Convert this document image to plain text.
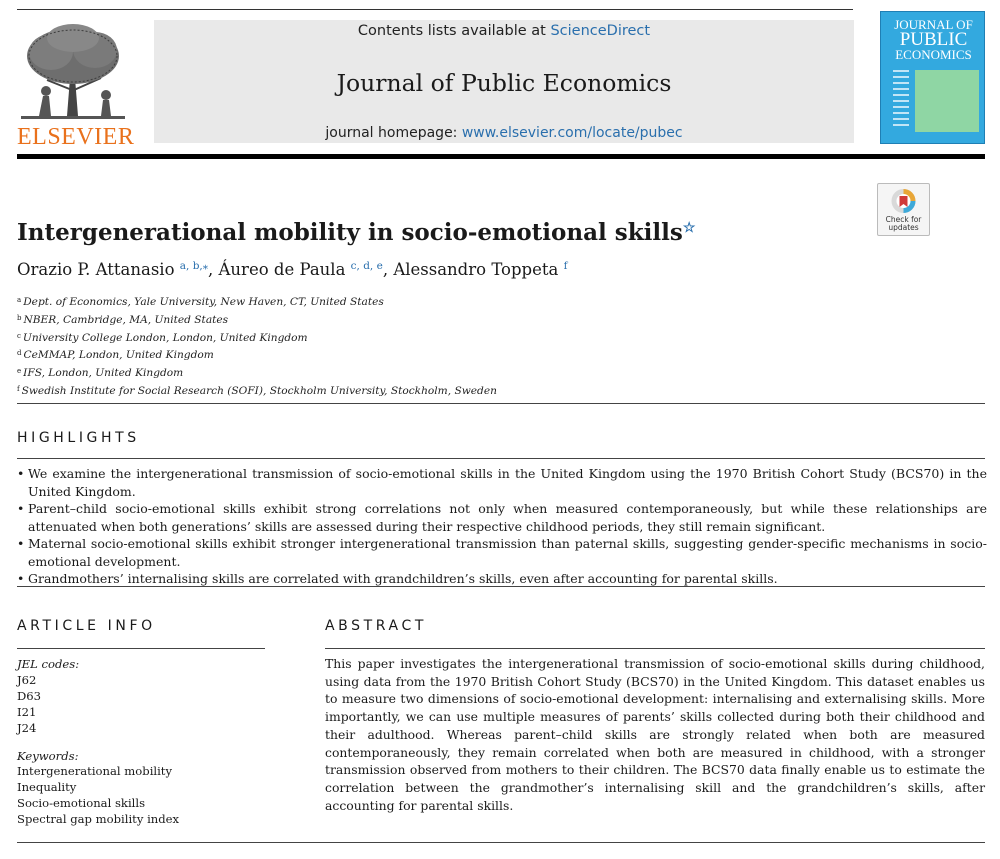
ELSEVIER
Contents lists available at ScienceDirect
Journal of Public Economics
journal homepage: www.elsevier.com/locate/pubec
JOURNAL OF
PUBLIC
ECONOMICS
Check for
updates
Intergenerational mobility in socio-emotional skills☆
Orazio P. Attanasio $^{a, b,⁎}$, Áureo de Paula $^{c, d, e}$, Alessandro Toppeta $^f$
$^a$ Dept. of Economics, Yale University, New Haven, CT, United States
$^b$ NBER, Cambridge, MA, United States
$^c$ University College London, London, United Kingdom
$^d$ CeMMAP, London, United Kingdom
$^e$ IFS, London, United Kingdom
$^f$ Swedish Institute for Social Research (SOFI), Stockholm University, Stockholm, Sweden
HIGHLIGHTS
• We examine the intergenerational transmission of socio-emotional skills in the United Kingdom using the 1970 British Cohort Study (BCS70) in the United Kingdom.
• Parent–child socio-emotional skills exhibit strong correlations not only when measured contemporaneously, but while these relationships are attenuated when both generations’ skills are assessed during their respective childhood periods, they still remain significant.
• Maternal socio-emotional skills exhibit stronger intergenerational transmission than paternal skills, suggesting gender-specific mechanisms in socio-emotional development.
• Grandmothers’ internalising skills are correlated with grandchildren’s skills, even after accounting for parental skills.
ARTICLE INFO
JEL codes:
J62
D63
I21
J24
Keywords:
Intergenerational mobility
Inequality
Socio-emotional skills
Spectral gap mobility index
ABSTRACT

This paper investigates the intergenerational transmission of socio-emotional skills during childhood, using data from the 1970 British Cohort Study (BCS70) in the United Kingdom. This dataset enables us to measure two dimensions of socio-emotional development: internalising and externalising skills. More importantly, we can use multiple measures of parents’ skills collected during both their childhood and their adulthood. Whereas parent–child skills are strongly related when both are measured contemporaneously, they remain correlated when both are measured in childhood, with a stronger transmission observed from mothers to their children. The BCS70 data finally enable us to estimate the correlation between the grandmother’s internalising skill and the grandchildren’s skills, after accounting for parental skills.
